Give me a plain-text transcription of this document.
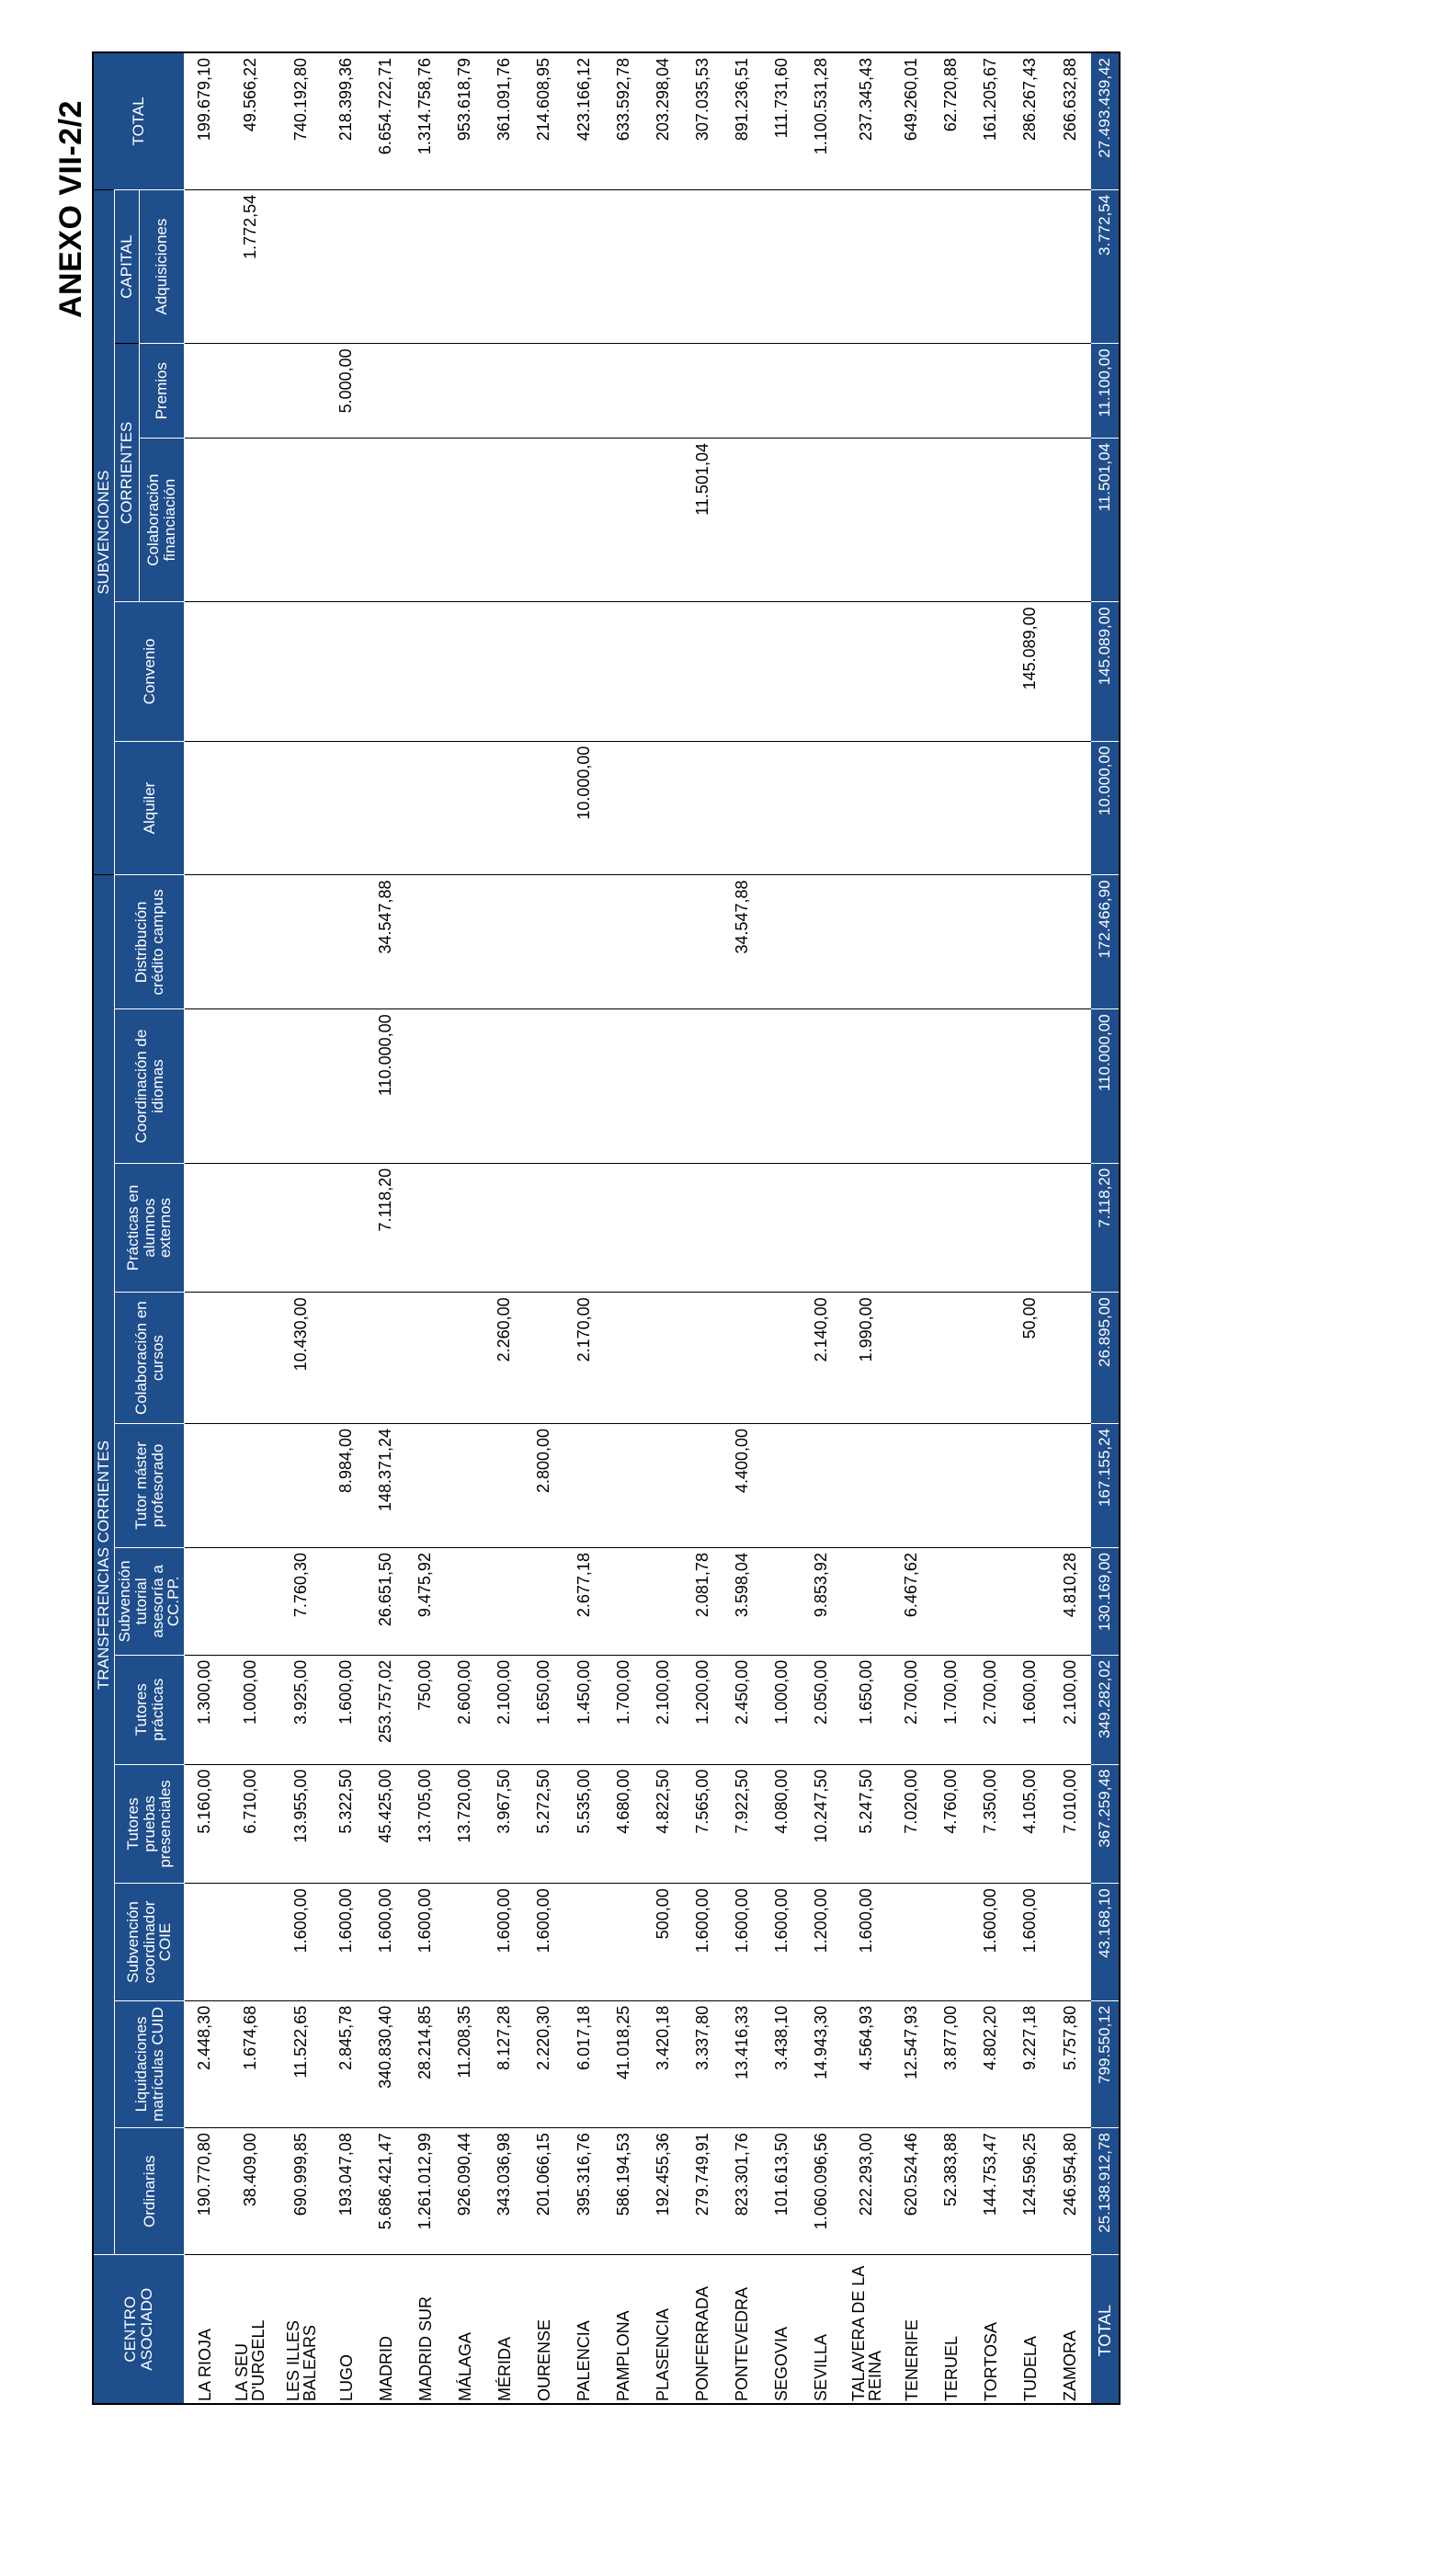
ANEXO VII-2/2
CENTRO ASOCIADO	TRANSFERENCIAS CORRIENTES											SUBVENCIONES					TOTAL
	Ordinarias	Liquidaciones matrículas CUID	Subvención coordinador COIE	Tutores pruebas presenciales	Tutores prácticas	Subvención tutorial asesoría a CC.PP.	Tutor máster profesorado	Colaboración en cursos	Prácticas en alumnos externos	Coordinación de idiomas	Distribución crédito campus	Alquiler	Convenio	CORRIENTES		CAPITAL	
														Colaboración financiación	Premios	Adquisiciones	
LA RIOJA	190.770,80	2.448,30		5.160,00	1.300,00												199.679,10
LA SEU D'URGELL	38.409,00	1.674,68		6.710,00	1.000,00											1.772,54	49.566,22
LES ILLES BALEARS	690.999,85	11.522,65	1.600,00	13.955,00	3.925,00	7.760,30		10.430,00									740.192,80
LUGO	193.047,08	2.845,78	1.600,00	5.322,50	1.600,00		8.984,00								5.000,00		218.399,36
MADRID	5.686.421,47	340.830,40	1.600,00	45.425,00	253.757,02	26.651,50	148.371,24		7.118,20	110.000,00	34.547,88						6.654.722,71
MADRID SUR	1.261.012,99	28.214,85	1.600,00	13.705,00	750,00	9.475,92											1.314.758,76
MÁLAGA	926.090,44	11.208,35		13.720,00	2.600,00												953.618,79
MÉRIDA	343.036,98	8.127,28	1.600,00	3.967,50	2.100,00			2.260,00									361.091,76
OURENSE	201.066,15	2.220,30	1.600,00	5.272,50	1.650,00		2.800,00										214.608,95
PALENCIA	395.316,76	6.017,18		5.535,00	1.450,00	2.677,18		2.170,00				10.000,00					423.166,12
PAMPLONA	586.194,53	41.018,25		4.680,00	1.700,00												633.592,78
PLASENCIA	192.455,36	3.420,18	500,00	4.822,50	2.100,00												203.298,04
PONFERRADA	279.749,91	3.337,80	1.600,00	7.565,00	1.200,00	2.081,78								11.501,04			307.035,53
PONTEVEDRA	823.301,76	13.416,33	1.600,00	7.922,50	2.450,00	3.598,04	4.400,00				34.547,88						891.236,51
SEGOVIA	101.613,50	3.438,10	1.600,00	4.080,00	1.000,00												111.731,60
SEVILLA	1.060.096,56	14.943,30	1.200,00	10.247,50	2.050,00	9.853,92		2.140,00									1.100.531,28
TALAVERA DE LA REINA	222.293,00	4.564,93	1.600,00	5.247,50	1.650,00			1.990,00									237.345,43
TENERIFE	620.524,46	12.547,93		7.020,00	2.700,00	6.467,62											649.260,01
TERUEL	52.383,88	3.877,00		4.760,00	1.700,00												62.720,88
TORTOSA	144.753,47	4.802,20	1.600,00	7.350,00	2.700,00												161.205,67
TUDELA	124.596,25	9.227,18	1.600,00	4.105,00	1.600,00			50,00					145.089,00				286.267,43
ZAMORA	246.954,80	5.757,80		7.010,00	2.100,00	4.810,28											266.632,88
TOTAL	25.138.912,78	799.550,12	43.168,10	367.259,48	349.282,02	130.169,00	167.155,24	26.895,00	7.118,20	110.000,00	172.466,90	10.000,00	145.089,00	11.501,04	11.100,00	3.772,54	27.493.439,42
